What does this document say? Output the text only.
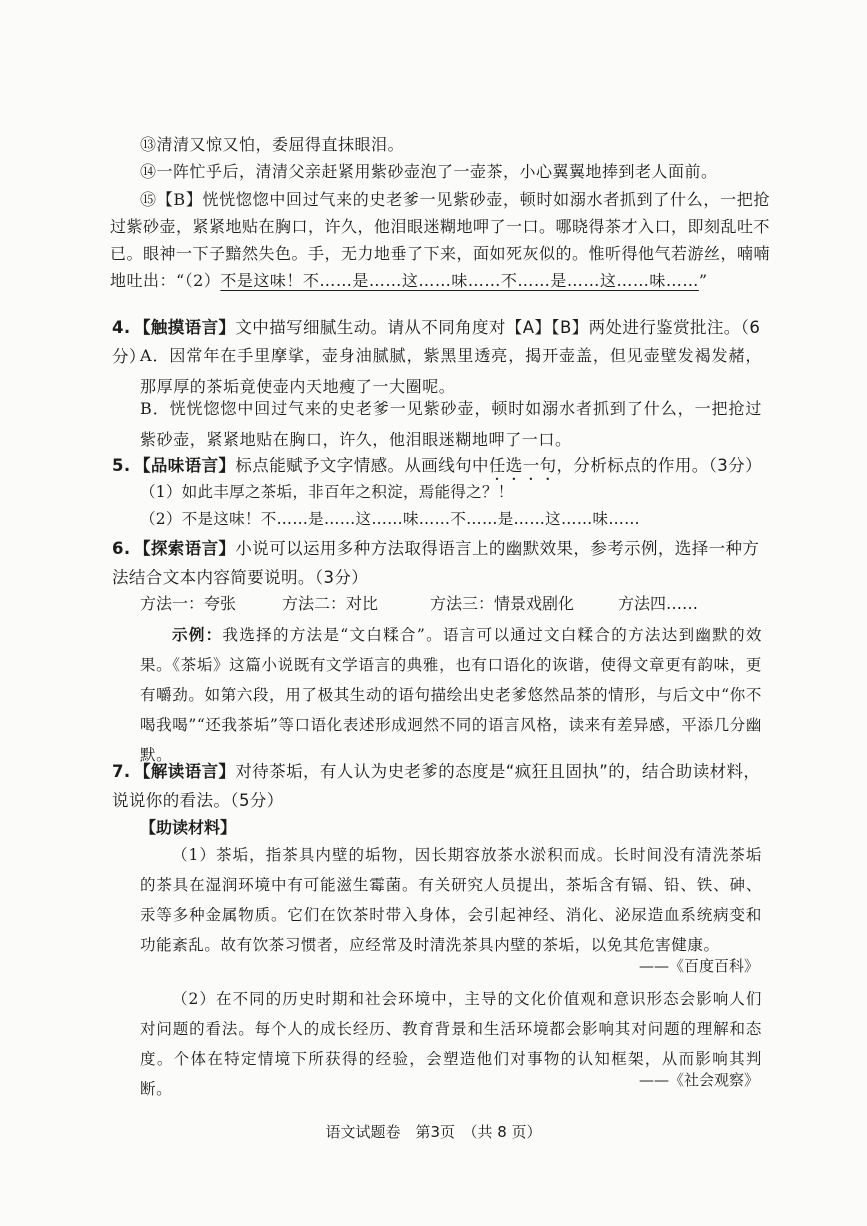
⑬清清又惊又怕，委屈得直抹眼泪。
⑭一阵忙乎后，清清父亲赶紧用紫砂壶泡了一壶茶，小心翼翼地捧到老人面前。
⑮【B】恍恍惚惚中回过气来的史老爹一见紫砂壶，顿时如溺水者抓到了什么，一把抢过紫砂壶，紧紧地贴在胸口，许久，他泪眼迷糊地呷了一口。哪晓得茶才入口，即刻乱吐不已。眼神一下子黯然失色。手，无力地垂了下来，面如死灰似的。惟听得他气若游丝，喃喃地吐出：“（2）不是这味！不……是……这……味……不……是……这……味……”
4. 【触摸语言】文中描写细腻生动。请从不同角度对【A】【B】两处进行鉴赏批注。（6分）
A．因常年在手里摩挲，壶身油腻腻，紫黑里透亮，揭开壶盖，但见壶壁发褐发赭，那厚厚的茶垢竟使壶内天地瘦了一大圈呢。
B．恍恍惚惚中回过气来的史老爹一见紫砂壶，顿时如溺水者抓到了什么，一把抢过紫砂壶，紧紧地贴在胸口，许久，他泪眼迷糊地呷了一口。
5. 【品味语言】标点能赋予文字情感。从画线句中任选一句，分析标点的作用。（3分）
（1）如此丰厚之茶垢，非百年之积淀，焉能得之？！
（2）不是这味！不……是……这……味……不……是……这……味……
6. 【探索语言】小说可以运用多种方法取得语言上的幽默效果，参考示例，选择一种方法结合文本内容简要说明。（3分）
方法一：夸张	方法二：对比	方法三：情景戏剧化	方法四……
示例：我选择的方法是“文白糅合”。语言可以通过文白糅合的方法达到幽默的效果。《茶垢》这篇小说既有文学语言的典雅，也有口语化的诙谐，使得文章更有韵味，更有嚼劲。如第六段，用了极其生动的语句描绘出史老爹悠然品茶的情形，与后文中“你不喝我喝”“还我茶垢”等口语化表述形成迥然不同的语言风格，读来有差异感，平添几分幽默。
7. 【解读语言】对待茶垢，有人认为史老爹的态度是“疯狂且固执”的，结合助读材料，说说你的看法。（5分）
【助读材料】
（1）茶垢，指茶具内壁的垢物，因长期容放茶水淤积而成。长时间没有清洗茶垢的茶具在湿润环境中有可能滋生霉菌。有关研究人员提出，茶垢含有镉、铅、铁、砷、汞等多种金属物质。它们在饮茶时带入身体，会引起神经、消化、泌尿造血系统病变和功能紊乱。故有饮茶习惯者，应经常及时清洗茶具内壁的茶垢，以免其危害健康。
——《百度百科》
（2）在不同的历史时期和社会环境中，主导的文化价值观和意识形态会影响人们对问题的看法。每个人的成长经历、教育背景和生活环境都会影响其对问题的理解和态度。个体在特定情境下所获得的经验，会塑造他们对事物的认知框架，从而影响其判断。	——《社会观察》
语文试题卷　第3页　（共 8 页）
